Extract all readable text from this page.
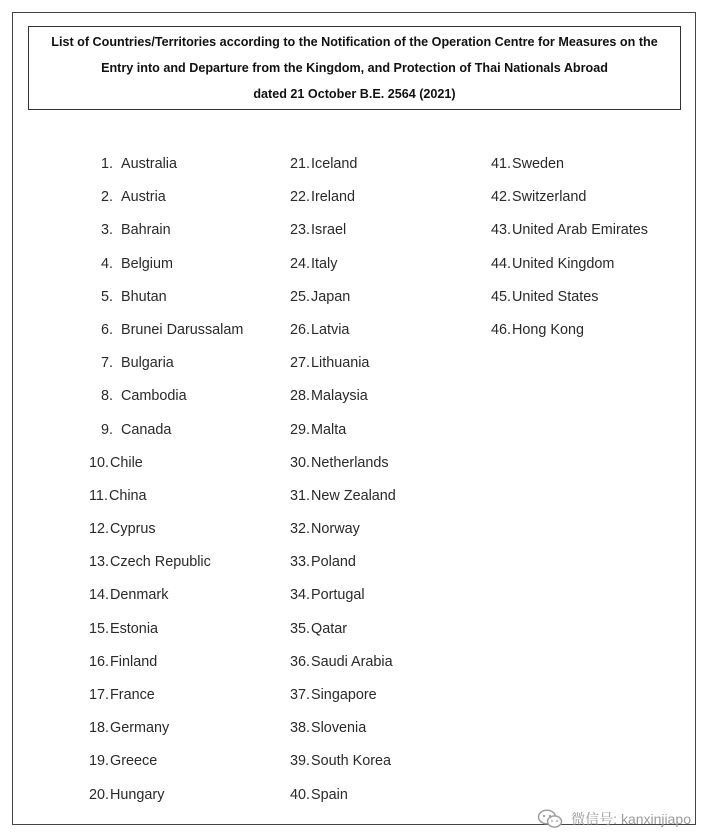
List of Countries/Territories according to the Notification of the Operation Centre for Measures on the
Entry into and Departure from the Kingdom, and Protection of Thai Nationals Abroad
dated 21 October B.E. 2564 (2021)
1. Australia
2. Austria
3. Bahrain
4. Belgium
5. Bhutan
6. Brunei Darussalam
7. Bulgaria
8. Cambodia
9. Canada
10. Chile
11. China
12. Cyprus
13. Czech Republic
14. Denmark
15. Estonia
16. Finland
17. France
18. Germany
19. Greece
20. Hungary
21. Iceland
22. Ireland
23. Israel
24. Italy
25. Japan
26. Latvia
27. Lithuania
28. Malaysia
29. Malta
30. Netherlands
31. New Zealand
32. Norway
33. Poland
34. Portugal
35. Qatar
36. Saudi Arabia
37. Singapore
38. Slovenia
39. South Korea
40. Spain
41. Sweden
42. Switzerland
43. United Arab Emirates
44. United Kingdom
45. United States
46. Hong Kong
微信号: kanxinjiapo
